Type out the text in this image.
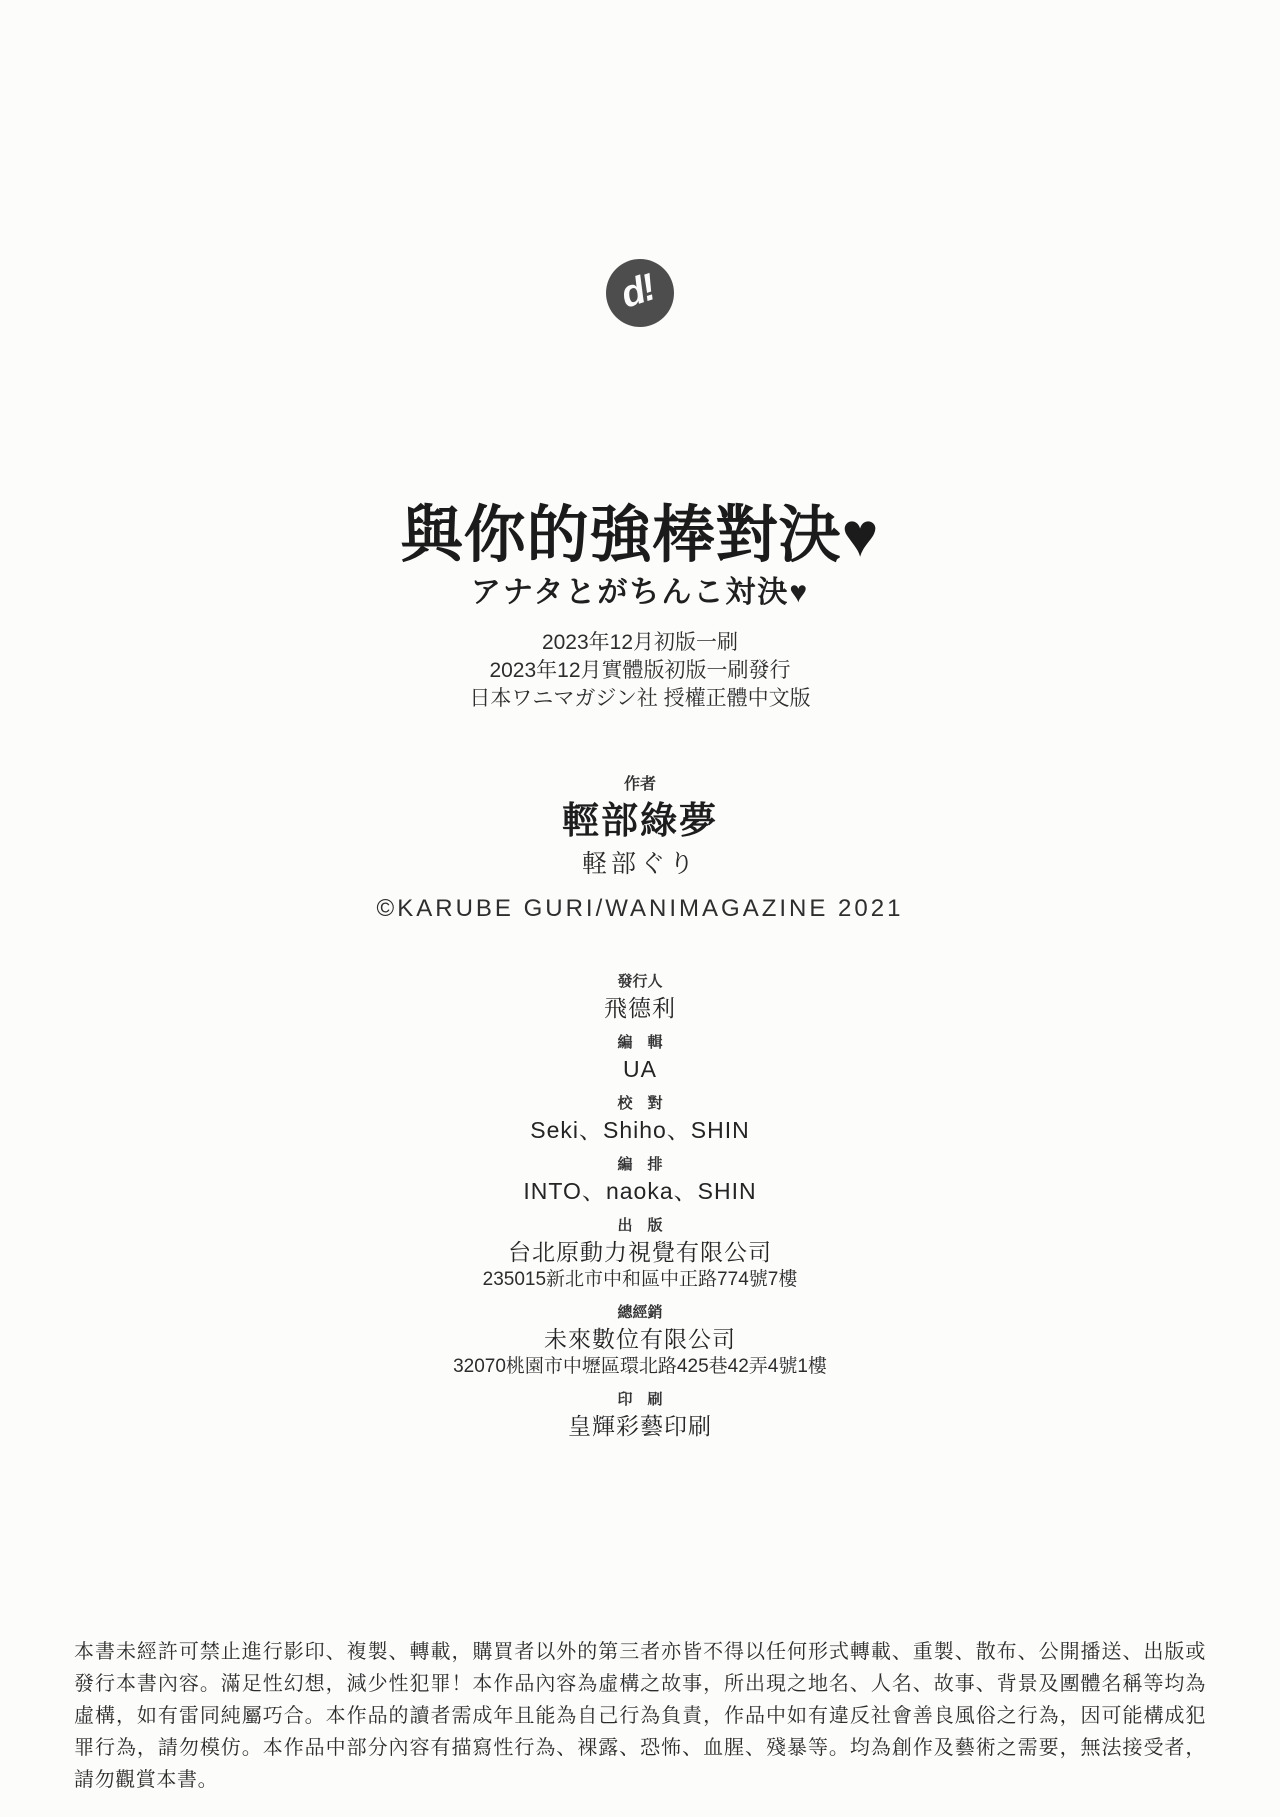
d!
與你的強棒對決♥
アナタとがちんこ対決♥
2023年12月初版一刷
2023年12月實體版初版一刷發行
日本ワニマガジン社 授權正體中文版
作者
輕部綠夢
軽部ぐり
©KARUBE GURI/WANIMAGAZINE 2021
發行人
飛德利
編　輯
UA
校　對
Seki、Shiho、SHIN
編　排
INTO、naoka、SHIN
出　版
台北原動力視覺有限公司
235015新北市中和區中正路774號7樓
總經銷
未來數位有限公司
32070桃園市中壢區環北路425巷42弄4號1樓
印　刷
皇輝彩藝印刷

本書未經許可禁止進行影印、複製、轉載，購買者以外的第三者亦皆不得以任何形式轉載、重製、散布、公開播送、出版或發行本書內容。滿足性幻想，減少性犯罪！本作品內容為虛構之故事，所出現之地名、人名、故事、背景及團體名稱等均為虛構，如有雷同純屬巧合。本作品的讀者需成年且能為自己行為負責，作品中如有違反社會善良風俗之行為，因可能構成犯罪行為，請勿模仿。本作品中部分內容有描寫性行為、裸露、恐怖、血腥、殘暴等。均為創作及藝術之需要，無法接受者，請勿觀賞本書。
